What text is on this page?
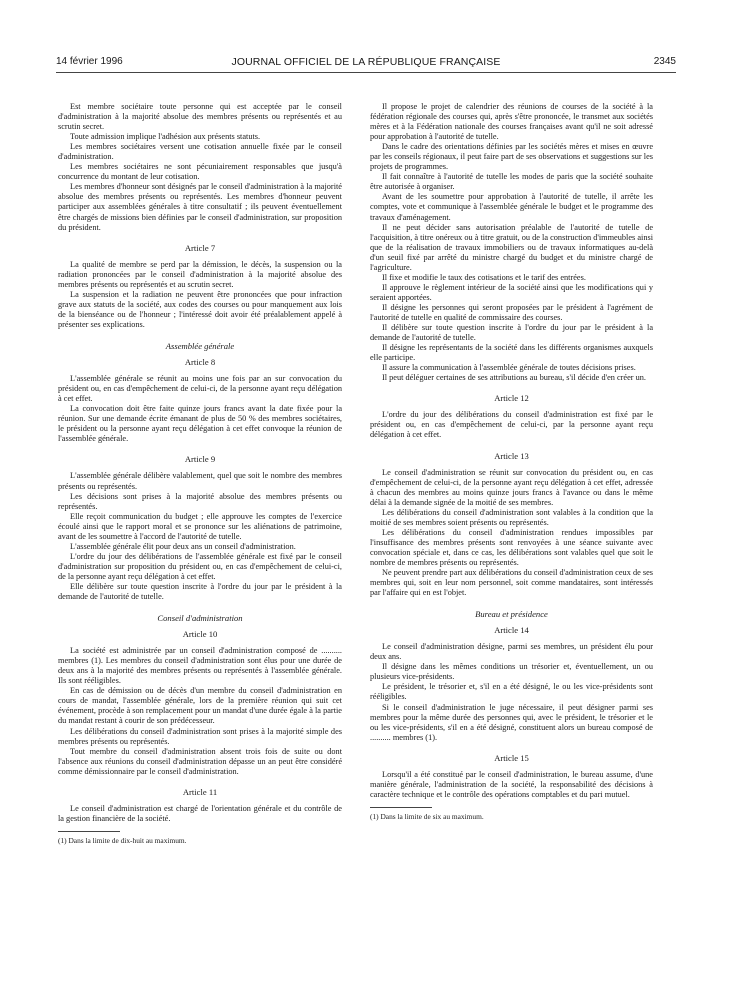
14 février 1996	JOURNAL OFFICIEL DE LA RÉPUBLIQUE FRANÇAISE	2345

Est membre sociétaire toute personne qui est acceptée par le conseil d'administration à la majorité absolue des membres présents ou représentés et au scrutin secret.

Toute admission implique l'adhésion aux présents statuts.

Les membres sociétaires versent une cotisation annuelle fixée par le conseil d'administration.

Les membres sociétaires ne sont pécuniairement responsables que jusqu'à concurrence du montant de leur cotisation.

Les membres d'honneur sont désignés par le conseil d'administration à la majorité absolue des membres présents ou représentés. Les membres d'honneur peuvent participer aux assemblées générales à titre consultatif ; ils peuvent éventuellement être chargés de missions bien définies par le conseil d'administration, sur proposition du président.

Article 7

La qualité de membre se perd par la démission, le décès, la suspension ou la radiation prononcées par le conseil d'administration à la majorité absolue des membres présents ou représentés et au scrutin secret.

La suspension et la radiation ne peuvent être prononcées que pour infraction grave aux statuts de la société, aux codes des courses ou pour manquement aux lois de la bienséance ou de l'honneur ; l'intéressé doit avoir été préalablement appelé à présenter ses explications.

Assemblée générale

Article 8

L'assemblée générale se réunit au moins une fois par an sur convocation du président ou, en cas d'empêchement de celui-ci, de la personne ayant reçu délégation à cet effet.

La convocation doit être faite quinze jours francs avant la date fixée pour la réunion. Sur une demande écrite émanant de plus de 50 % des membres sociétaires, le président ou la personne ayant reçu délégation à cet effet convoque la réunion de l'assemblée générale.

Article 9

L'assemblée générale délibère valablement, quel que soit le nombre des membres présents ou représentés.

Les décisions sont prises à la majorité absolue des membres présents ou représentés.

Elle reçoit communication du budget ; elle approuve les comptes de l'exercice écoulé ainsi que le rapport moral et se prononce sur les aliénations de patrimoine, avant de les soumettre à l'accord de l'autorité de tutelle.

L'assemblée générale élit pour deux ans un conseil d'administration.

L'ordre du jour des délibérations de l'assemblée générale est fixé par le conseil d'administration sur proposition du président ou, en cas d'empêchement de celui-ci, de la personne ayant reçu délégation à cet effet.

Elle délibère sur toute question inscrite à l'ordre du jour par le président à la demande de l'autorité de tutelle.

Conseil d'administration

Article 10

La société est administrée par un conseil d'administration composé de .......... membres (1). Les membres du conseil d'administration sont élus pour une durée de deux ans à la majorité des membres présents ou représentés à l'assemblée générale. Ils sont rééligibles.

En cas de démission ou de décès d'un membre du conseil d'administration en cours de mandat, l'assemblée générale, lors de la première réunion qui suit cet événement, procède à son remplacement pour un mandat d'une durée égale à la partie du mandat restant à courir de son prédécesseur.

Les délibérations du conseil d'administration sont prises à la majorité simple des membres présents ou représentés.

Tout membre du conseil d'administration absent trois fois de suite ou dont l'absence aux réunions du conseil d'administration dépasse un an peut être considéré comme démissionnaire par le conseil d'administration.

Article 11

Le conseil d'administration est chargé de l'orientation générale et du contrôle de la gestion financière de la société.

(1) Dans la limite de dix-huit au maximum.

Il propose le projet de calendrier des réunions de courses de la société à la fédération régionale des courses qui, après s'être prononcée, le transmet aux sociétés mères et à la Fédération nationale des courses françaises avant qu'il ne soit adressé pour approbation à l'autorité de tutelle.

Dans le cadre des orientations définies par les sociétés mères et mises en œuvre par les conseils régionaux, il peut faire part de ses observations et suggestions sur les projets de programmes.

Il fait connaître à l'autorité de tutelle les modes de paris que la société souhaite être autorisée à organiser.

Avant de les soumettre pour approbation à l'autorité de tutelle, il arrête les comptes, vote et communique à l'assemblée générale le budget et le programme des travaux d'aménagement.

Il ne peut décider sans autorisation préalable de l'autorité de tutelle de l'acquisition, à titre onéreux ou à titre gratuit, ou de la construction d'immeubles ainsi que de la réalisation de travaux immobiliers ou de travaux informatiques au-delà d'un seuil fixé par arrêté du ministre chargé du budget et du ministre chargé de l'agriculture.

Il fixe et modifie le taux des cotisations et le tarif des entrées.

Il approuve le règlement intérieur de la société ainsi que les modifications qui y seraient apportées.

Il désigne les personnes qui seront proposées par le président à l'agrément de l'autorité de tutelle en qualité de commissaire des courses.

Il délibère sur toute question inscrite à l'ordre du jour par le président à la demande de l'autorité de tutelle.

Il désigne les représentants de la société dans les différents organismes auxquels elle participe.

Il assure la communication à l'assemblée générale de toutes décisions prises.

Il peut déléguer certaines de ses attributions au bureau, s'il décide d'en créer un.

Article 12

L'ordre du jour des délibérations du conseil d'administration est fixé par le président ou, en cas d'empêchement de celui-ci, par la personne ayant reçu délégation à cet effet.

Article 13

Le conseil d'administration se réunit sur convocation du président ou, en cas d'empêchement de celui-ci, de la personne ayant reçu délégation à cet effet, adressée à chacun des membres au moins quinze jours francs à l'avance ou dans le même délai à la demande signée de la moitié de ses membres.

Les délibérations du conseil d'administration sont valables à la condition que la moitié de ses membres soient présents ou représentés.

Les délibérations du conseil d'administration rendues impossibles par l'insuffisance des membres présents sont renvoyées à une séance suivante avec convocation spéciale et, dans ce cas, les délibérations sont valables quel que soit le nombre de membres présents ou représentés.

Ne peuvent prendre part aux délibérations du conseil d'administration ceux de ses membres qui, soit en leur nom personnel, soit comme mandataires, sont intéressés par l'affaire qui en est l'objet.

Bureau et présidence

Article 14

Le conseil d'administration désigne, parmi ses membres, un président élu pour deux ans.

Il désigne dans les mêmes conditions un trésorier et, éventuellement, un ou plusieurs vice-présidents.

Le président, le trésorier et, s'il en a été désigné, le ou les vice-présidents sont rééligibles.

Si le conseil d'administration le juge nécessaire, il peut désigner parmi ses membres pour la même durée des personnes qui, avec le président, le trésorier et le ou les vice-présidents, s'il en a été désigné, constituent alors un bureau composé de .......... membres (1).

Article 15

Lorsqu'il a été constitué par le conseil d'administration, le bureau assume, d'une manière générale, l'administration de la société, la responsabilité des décisions à caractère technique et le contrôle des opérations comptables et du pari mutuel.

(1) Dans la limite de six au maximum.
